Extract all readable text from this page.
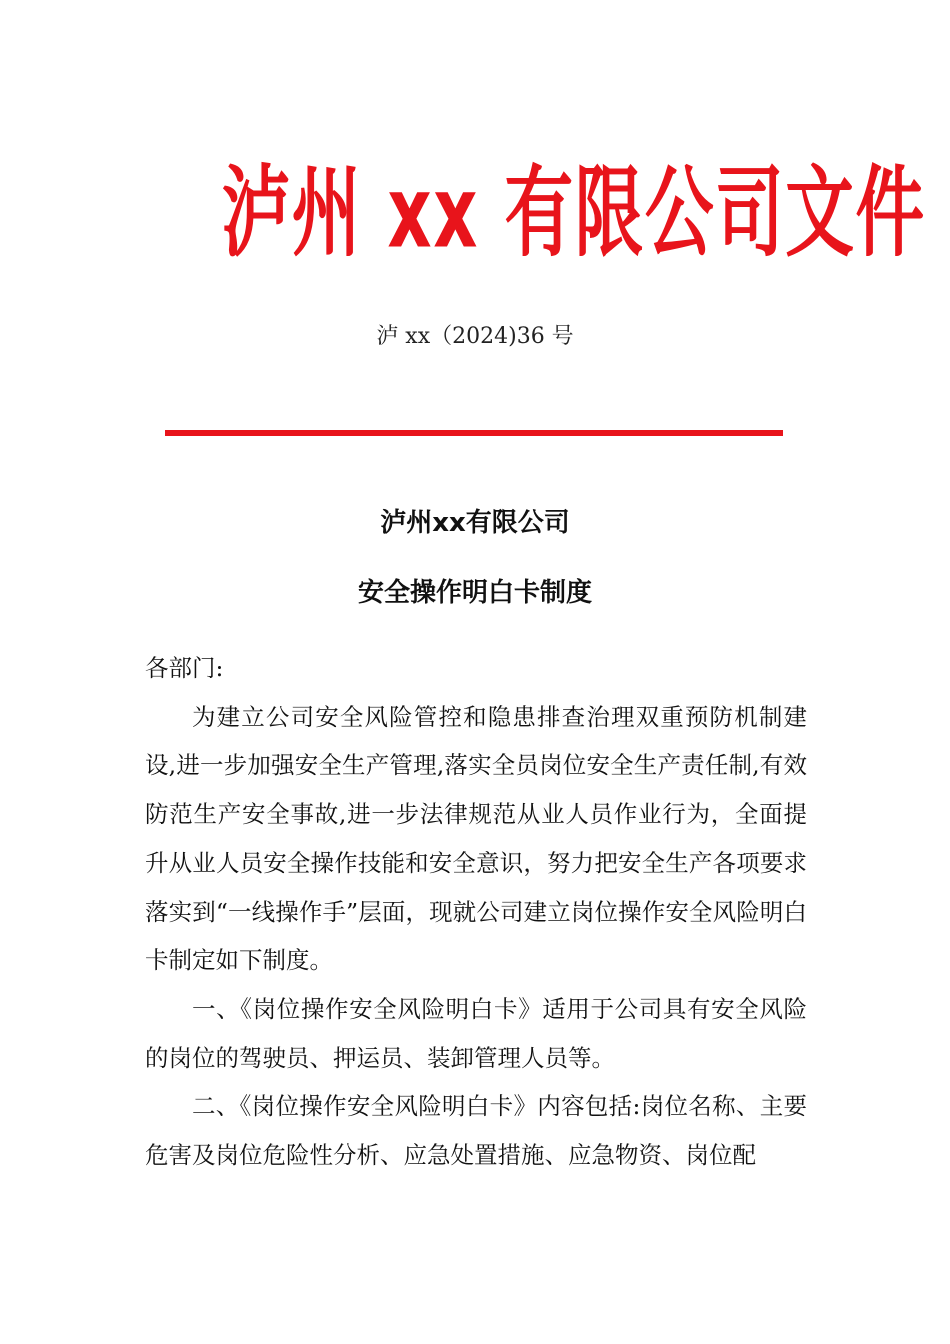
泸州 xx 有限公司文件
泸 xx（2024)36 号
泸州xx有限公司
安全操作明白卡制度

各部门:

为建立公司安全风险管控和隐患排查治理双重预防机制建设,进一步加强安全生产管理,落实全员岗位安全生产责任制,有效防范生产安全事故,进一步法律规范从业人员作业行为，全面提升从业人员安全操作技能和安全意识，努力把安全生产各项要求落实到“一线操作手”层面，现就公司建立岗位操作安全风险明白卡制定如下制度。

一、《岗位操作安全风险明白卡》适用于公司具有安全风险的岗位的驾驶员、押运员、装卸管理人员等。

二、《岗位操作安全风险明白卡》内容包括:岗位名称、主要危害及岗位危险性分析、应急处置措施、应急物资、岗位配
